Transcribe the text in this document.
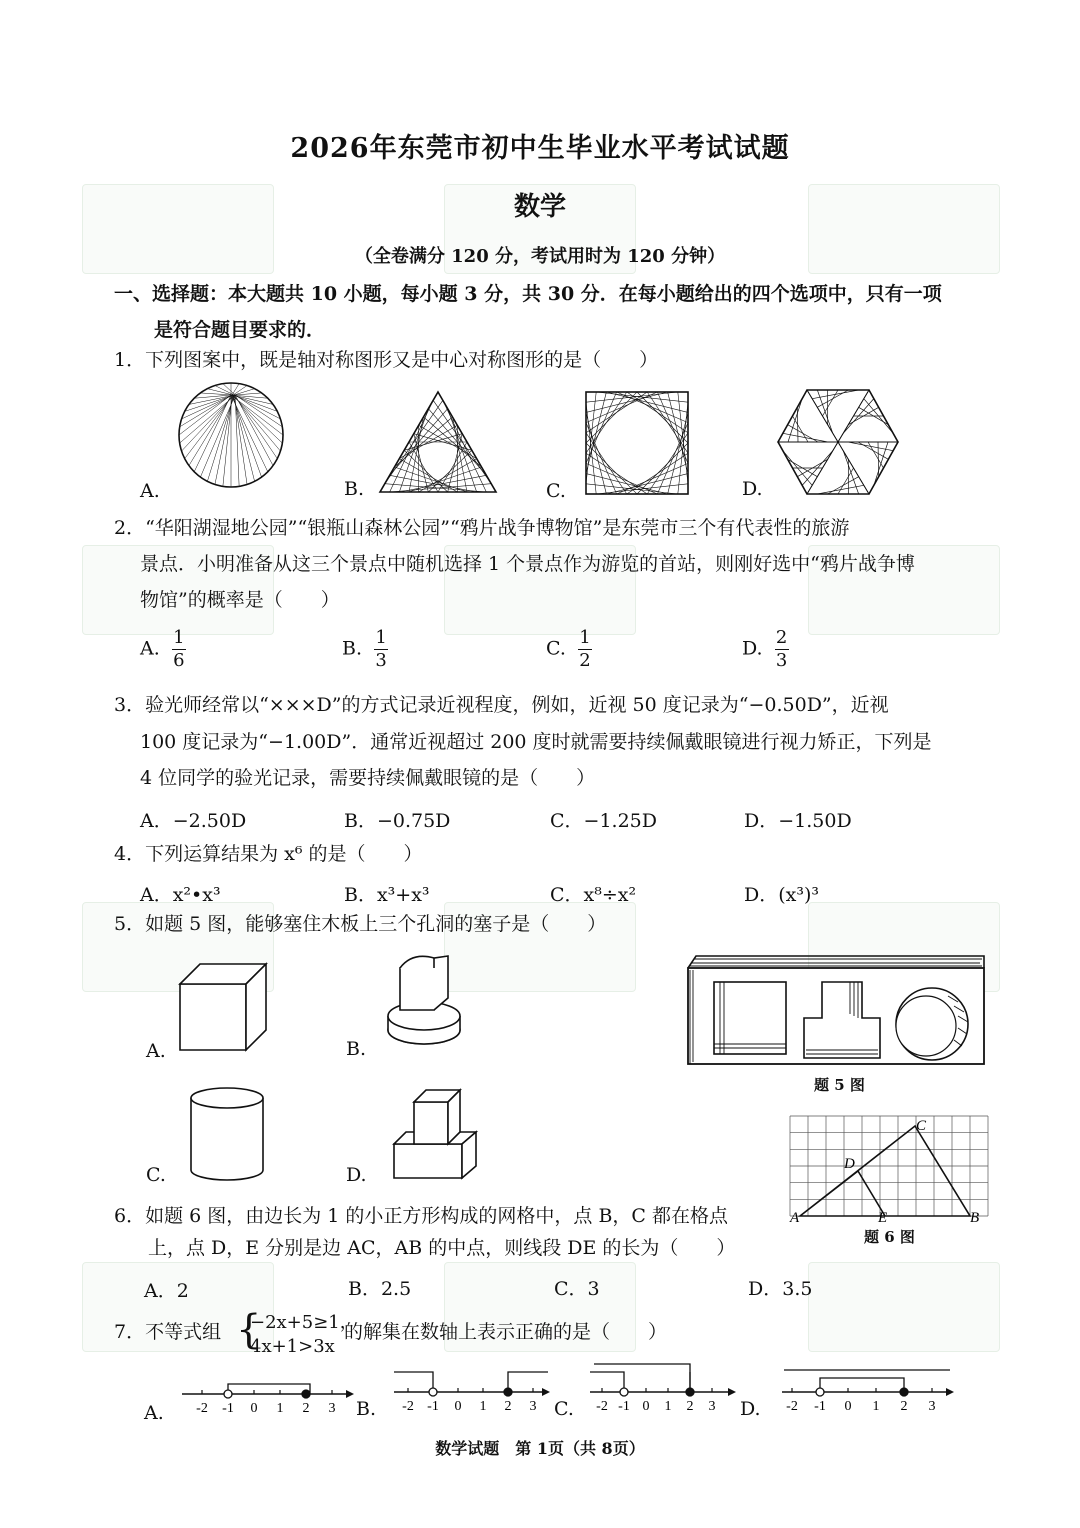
2026年东莞市初中生毕业水平考试试题
数学
（全卷满分 120 分，考试用时为 120 分钟）
一、选择题：本大题共 10 小题，每小题 3 分，共 30 分．在每小题给出的四个选项中，只有一项
是符合题目要求的．
1．下列图案中，既是轴对称图形又是中心对称图形的是（　　）
A.	B.	C.	D.
2．“华阳湖湿地公园”“银瓶山森林公园”“鸦片战争博物馆”是东莞市三个有代表性的旅游
景点．小明准备从这三个景点中随机选择 1 个景点作为游览的首站，则刚好选中“鸦片战争博
物馆”的概率是（　　）
A. $\frac{1}{6}$	B. $\frac{1}{3}$	C. $\frac{1}{2}$	D. $\frac{2}{3}$
3．验光师经常以“×××D”的方式记录近视程度，例如，近视 50 度记录为“−0.50D”，近视
100 度记录为“−1.00D”．通常近视超过 200 度时就需要持续佩戴眼镜进行视力矫正，下列是
4 位同学的验光记录，需要持续佩戴眼镜的是（　　）
A．−2.50D	B．−0.75D	C．−1.25D	D．−1.50D
4．下列运算结果为 x⁶ 的是（　　）
A．x²•x³	B．x³+x³	C．x⁸÷x²	D．(x³)³
5．如题 5 图，能够塞住木板上三个孔洞的塞子是（　　）
A.	B.
C.	D.
题 5 图
6．如题 6 图，由边长为 1 的小正方形构成的网格中，点 B，C 都在格点
上，点 D，E 分别是边 AC，AB 的中点，则线段 DE 的长为（　　）
A．2	B．2.5	C．3	D．3.5
A	B
C
D
E
题 6 图
7．不等式组 {
−2x+5≥1，
4x+1>3x
的解集在数轴上表示正确的是（　　）
A.	B.	C.	D.
-2 -1 0 1 2 3	-2 -1 0 1 2 3	-2 -1 0 1 2 3	-2 -1 0 1 2 3
数学试题　第 1页（共 8页）
